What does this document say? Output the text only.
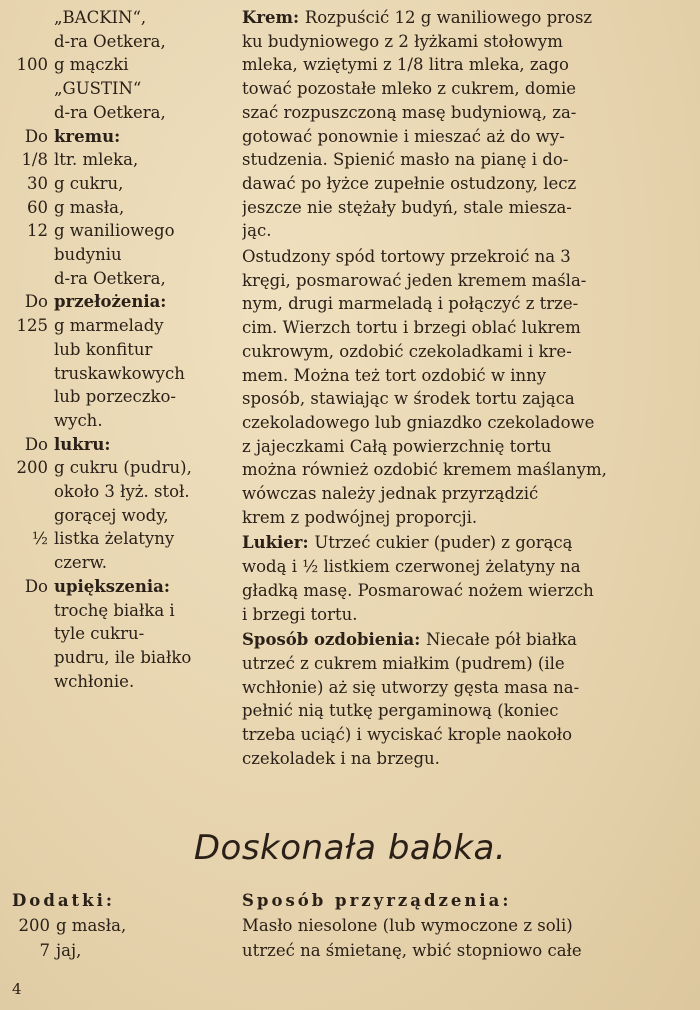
„BACKIN“,
d-ra Oetkera,
100 g mączki
„GUSTIN“
d-ra Oetkera,
Do kremu:
1/8 ltr. mleka,
30 g cukru,
60 g masła,
12 g waniliowego
budyniu
d-ra Oetkera,
Do przełożenia:
125 g marmelady
lub konfitur
truskawkowych
lub porzeczko-
wych.
Do lukru:
200 g cukru (pudru),
około 3 łyż. stoł.
gorącej wody,
½ listka żelatyny
czerw.
Do upiększenia:
trochę białka i
tyle cukru-
pudru, ile białko
wchłonie.
Krem: Rozpuścić 12 g waniliowego prosz
ku budyniowego z 2 łyżkami stołowym
mleka, wziętymi z 1/8 litra mleka, zago
tować pozostałe mleko z cukrem, domie
szać rozpuszczoną masę budyniową, za-
gotować ponownie i mieszać aż do wy-
studzenia. Spienić masło na pianę i do-
dawać po łyżce zupełnie ostudzony, lecz
jeszcze nie stężały budyń, stale miesza-
jąc.
Ostudzony spód tortowy przekroić na 3
kręgi, posmarować jeden kremem maśla-
nym, drugi marmeladą i połączyć z trze-
cim. Wierzch tortu i brzegi oblać lukrem
cukrowym, ozdobić czekoladkami i kre-
mem. Można też tort ozdobić w inny
sposób, stawiając w środek tortu zająca
czekoladowego lub gniazdko czekoladowe
z jajeczkami Całą powierzchnię tortu
można również ozdobić kremem maślanym,
wówczas należy jednak przyrządzić
krem z podwójnej proporcji.
Lukier: Utrzeć cukier (puder) z gorącą
wodą i ½ listkiem czerwonej żelatyny na
gładką masę. Posmarować nożem wierzch
i brzegi tortu.
Sposób ozdobienia: Niecałe pół białka
utrzeć z cukrem miałkim (pudrem) (ile
wchłonie) aż się utworzy gęsta masa na-
pełnić nią tutkę pergaminową (koniec
trzeba uciąć) i wyciskać krople naokoło
czekoladek i na brzegu.
Doskonała babka.
Dodatki:
200 g masła,
7 jaj,
Sposób przyrządzenia:
Masło niesolone (lub wymoczone z soli)
utrzeć na śmietanę, wbić stopniowo całe
4
